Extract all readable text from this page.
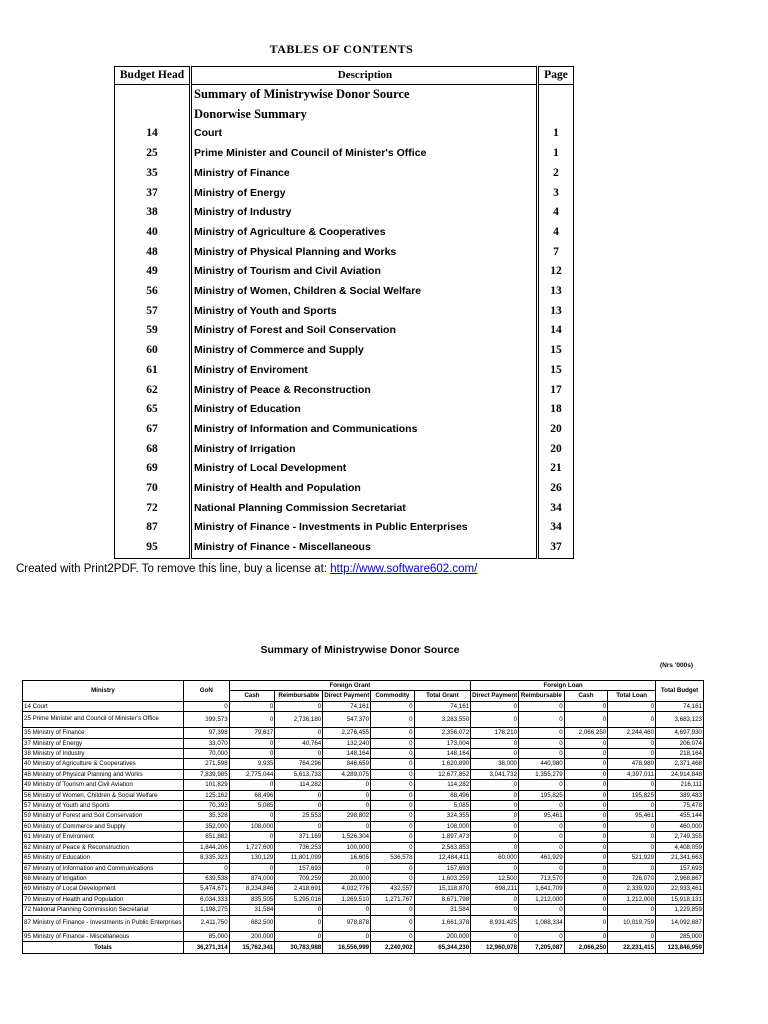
TABLES OF CONTENTS
Budget Head	Description	Page
	Summary of Ministrywise Donor Source	
	Donorwise Summary	
14	Court	1
25	Prime Minister and Council of Minister's Office	1
35	Ministry of Finance	2
37	Ministry of Energy	3
38	Ministry of Industry	4
40	Ministry of Agriculture & Cooperatives	4
48	Ministry of Physical Planning and Works	7
49	Ministry of Tourism and Civil Aviation	12
56	Ministry of Women, Children & Social Welfare	13
57	Ministry of Youth and Sports	13
59	Ministry of Forest and Soil Conservation	14
60	Ministry of Commerce and Supply	15
61	Ministry of Enviroment	15
62	Ministry of Peace & Reconstruction	17
65	Ministry of Education	18
67	Ministry of Information and Communications	20
68	Ministry of Irrigation	20
69	Ministry of Local Development	21
70	Ministry of Health and Population	26
72	National Planning Commission Secretariat	34
87	Ministry of Finance - Investments in Public Enterprises	34
95	Ministry of Finance - Miscellaneous	37
Created with Print2PDF. To remove this line, buy a license at: http://www.software602.com/
Summary of Ministrywise Donor Source
(Nrs '000s)
Ministry	GoN	Foreign Grant					Foreign Loan				Total Budget
		Cash	Reimbursable	Direct Payment	Commodity	Total Grant	Direct Payment	Reimbursable	Cash	Total Loan	
14 Court	0	0	0	74,161	0	74,161	0	0	0	0	74,161
25 Prime Minister and Council of Minister's Office	399,573	0	2,736,180	547,370	0	3,283,550	0	0	0	0	3,683,123
35 Ministry of Finance	97,398	79,617	0	2,276,455	0	2,356,072	178,210	0	2,066,250	2,244,460	4,697,930
37 Ministry of Energy	33,070	0	40,764	132,240	0	173,004	0	0	0	0	206,074
38 Ministry of Industry	70,000	0	0	148,164	0	148,164	0	0	0	0	218,164
40 Ministry of Agriculture & Cooperatives	271,598	9,935	764,296	846,659	0	1,620,890	38,000	440,980	0	478,980	2,371,468
48 Ministry of Physical Planning and Works	7,839,985	2,775,044	5,613,733	4,289,075	0	12,677,852	3,041,732	1,355,279	0	4,397,011	24,914,848
49 Ministry of Tourism and Civil Aviation	101,829	0	114,282	0	0	114,282	0	0	0	0	216,111
56 Ministry of Women, Children & Social Welfare	125,162	68,496	0	0	0	68,496	0	195,825	0	195,825	389,483
57 Ministry of Youth and Sports	70,393	5,085	0	0	0	5,085	0	0	0	0	75,478
59 Ministry of Forest and Soil Conservation	35,328	0	25,553	298,802	0	324,355	0	95,461	0	95,461	455,144
60 Ministry of Commerce and Supply	352,000	108,000	0	0	0	108,000	0	0	0	0	460,000
61 Ministry of Enviroment	851,882	0	371,169	1,526,304	0	1,897,473	0	0	0	0	2,749,355
62 Ministry of Peace & Reconstruction	1,844,206	1,727,600	736,253	100,000	0	2,563,853	0	0	0	0	4,408,059
65 Ministry of Education	8,335,323	130,129	11,801,099	16,605	536,578	12,484,411	60,000	461,929	0	521,929	21,341,663
67 Ministry of Information and Communications	0	0	157,693	0	0	157,693	0	0	0	0	157,693
68 Ministry of Irrigation	639,538	874,000	709,259	20,000	0	1,603,259	12,500	713,570	0	726,070	2,968,867
69 Ministry of Local Development	5,474,671	8,234,846	2,418,691	4,032,776	432,557	15,118,870	698,211	1,641,709	0	2,339,920	22,933,461
70 Ministry of Health and Population	6,034,333	835,505	5,295,016	1,269,510	1,271,767	8,671,798	0	1,212,000	0	1,212,000	15,918,131
72 National Planning Commission Secretariat	1,198,275	31,584	0	0	0	31,584	0	0	0	0	1,229,859
87 Ministry of Finance - Investments in Public Enterprises	2,411,750	682,500	0	978,878	0	1,661,378	8,931,425	1,088,334	0	10,019,759	14,092,887
95 Ministry of Finance - Miscellaneous	85,000	200,000	0	0	0	200,000	0	0	0	0	285,000
Totals	36,271,314	15,762,341	30,783,988	16,556,999	2,240,902	65,344,230	12,960,078	7,205,087	2,066,250	22,231,415	123,846,959
